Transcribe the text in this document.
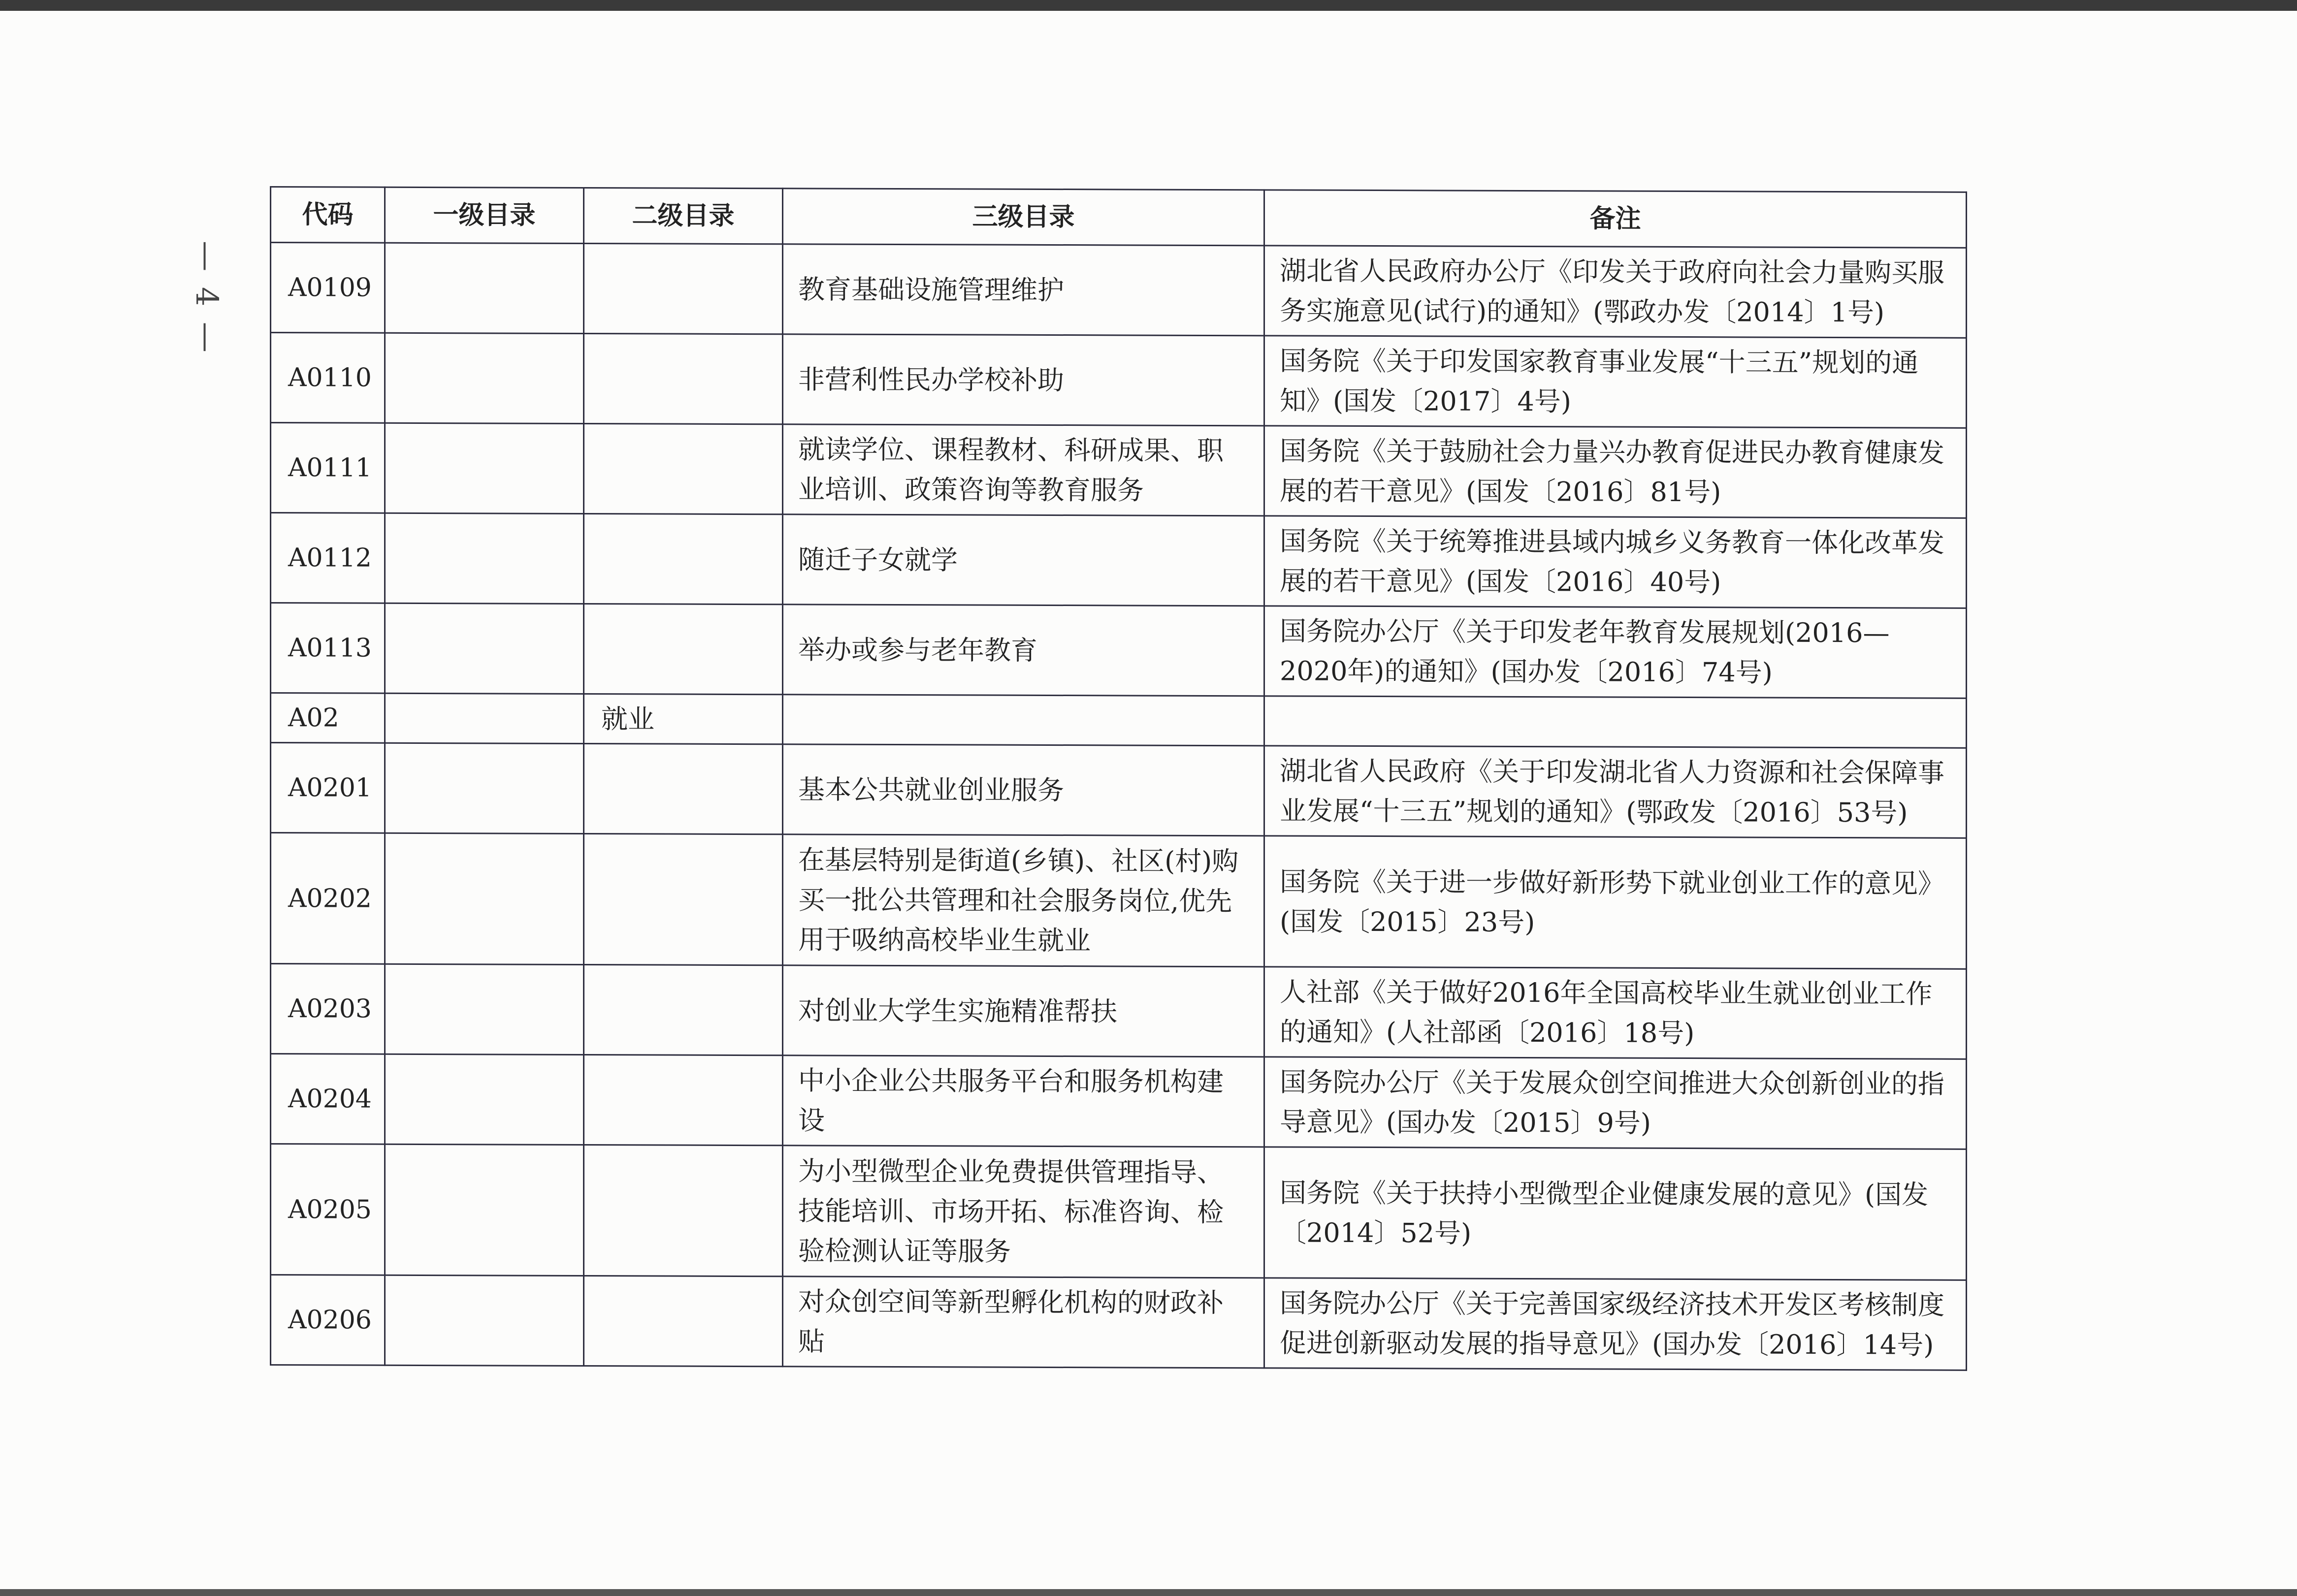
— 4 —
代码	一级目录	二级目录	三级目录	备注
A0109			教育基础设施管理维护	湖北省人民政府办公厅《印发关于政府向社会力量购买服务实施意见(试行)的通知》(鄂政办发〔2014〕1号)
A0110			非营利性民办学校补助	国务院《关于印发国家教育事业发展“十三五”规划的通知》(国发〔2017〕4号)
A0111			就读学位、课程教材、科研成果、职业培训、政策咨询等教育服务	国务院《关于鼓励社会力量兴办教育促进民办教育健康发展的若干意见》(国发〔2016〕81号)
A0112			随迁子女就学	国务院《关于统筹推进县域内城乡义务教育一体化改革发展的若干意见》(国发〔2016〕40号)
A0113			举办或参与老年教育	国务院办公厅《关于印发老年教育发展规划(2016—2020年)的通知》(国办发〔2016〕74号)
A02		就业		
A0201			基本公共就业创业服务	湖北省人民政府《关于印发湖北省人力资源和社会保障事业发展“十三五”规划的通知》(鄂政发〔2016〕53号)
A0202			在基层特别是街道(乡镇)、社区(村)购买一批公共管理和社会服务岗位,优先用于吸纳高校毕业生就业	国务院《关于进一步做好新形势下就业创业工作的意见》(国发〔2015〕23号)
A0203			对创业大学生实施精准帮扶	人社部《关于做好2016年全国高校毕业生就业创业工作的通知》(人社部函〔2016〕18号)
A0204			中小企业公共服务平台和服务机构建设	国务院办公厅《关于发展众创空间推进大众创新创业的指导意见》(国办发〔2015〕9号)
A0205			为小型微型企业免费提供管理指导、技能培训、市场开拓、标准咨询、检验检测认证等服务	国务院《关于扶持小型微型企业健康发展的意见》(国发〔2014〕52号)
A0206			对众创空间等新型孵化机构的财政补贴	国务院办公厅《关于完善国家级经济技术开发区考核制度促进创新驱动发展的指导意见》(国办发〔2016〕14号)
